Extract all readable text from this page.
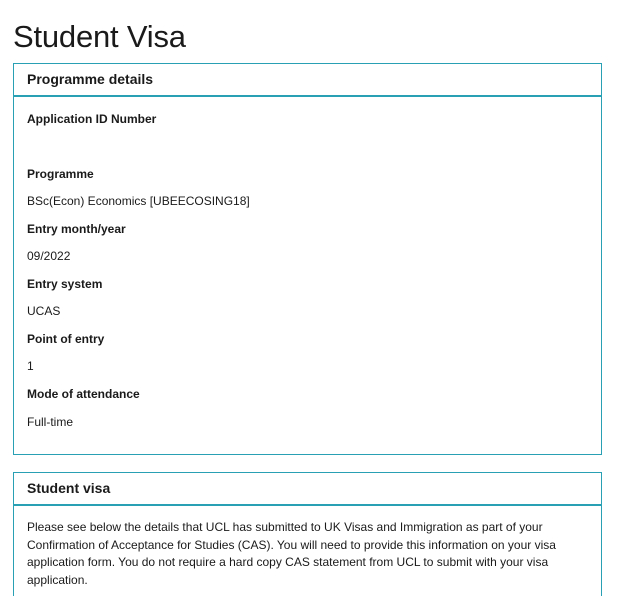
Student Visa
Programme details

Application ID Number

Programme

BSc(Econ) Economics [UBEECOSING18]

Entry month/year

09/2022

Entry system

UCAS

Point of entry

1

Mode of attendance

Full-time

Student visa

Please see below the details that UCL has submitted to UK Visas and Immigration as part of your Confirmation of Acceptance for Studies (CAS). You will need to provide this information on your visa application form. You do not require a hard copy CAS statement from UCL to submit with your visa application.
